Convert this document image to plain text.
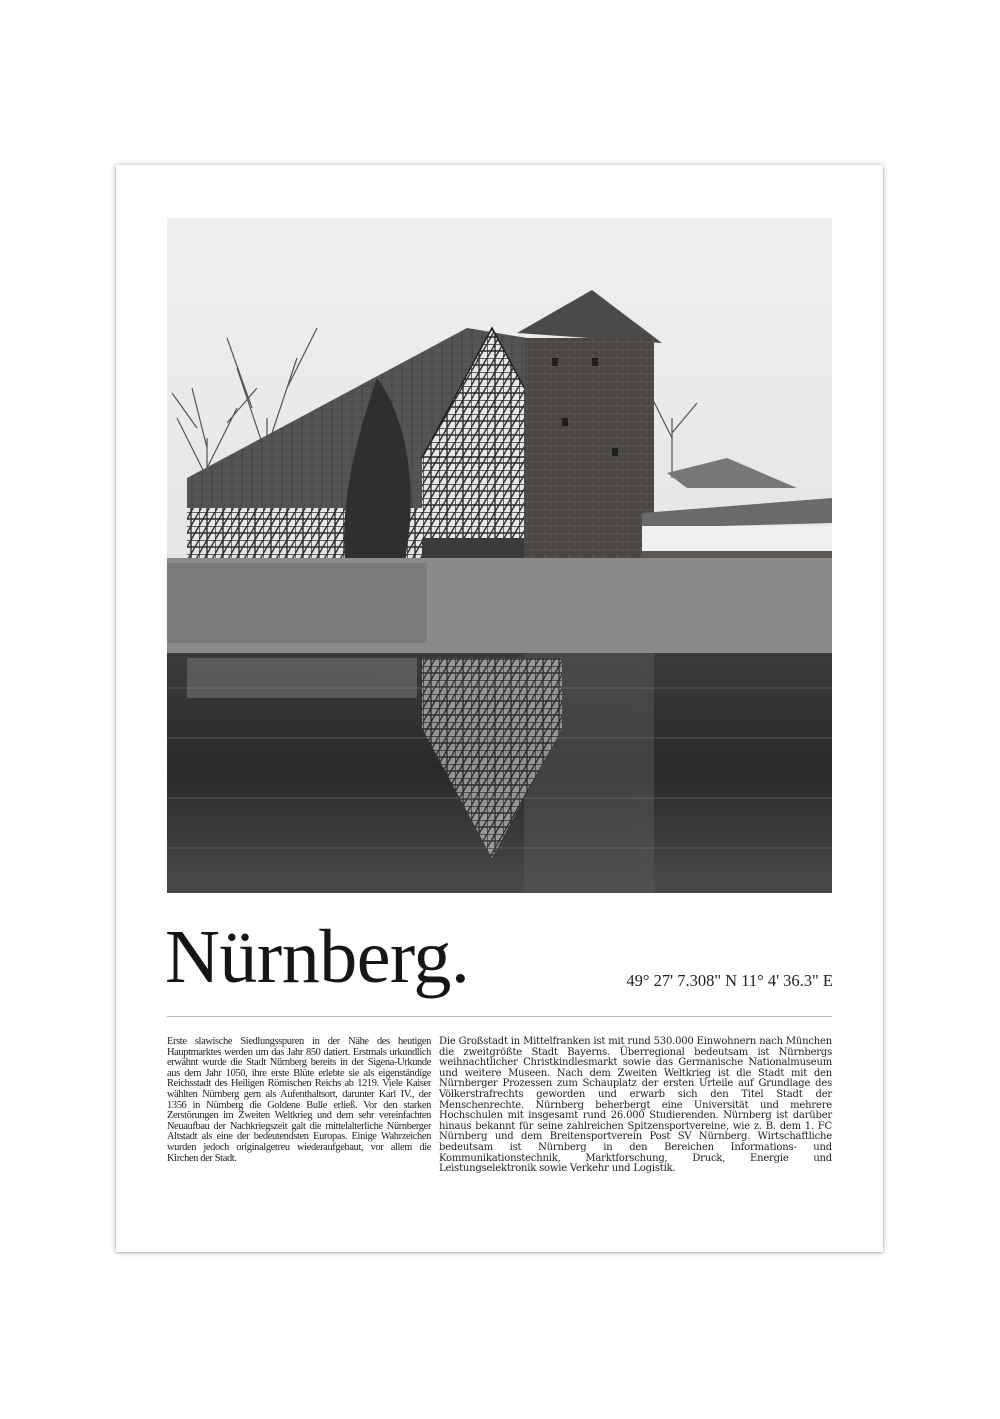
Nürnberg.	49° 27' 7.308" N 11° 4' 36.3" E
Erste slawische Siedlungsspuren in der Nähe des heutigen Hauptmarktes werden um das Jahr 850 datiert. Erstmals urkundlich erwähnt wurde die Stadt Nürnberg bereits in der Sigena-Urkunde aus dem Jahr 1050, ihre erste Blüte erlebte sie als eigenständige Reichsstadt des Heiligen Römischen Reichs ab 1219. Viele Kaiser wählten Nürnberg gern als Aufenthaltsort, darunter Karl IV., der 1356 in Nürnberg die Goldene Bulle erließ. Vor den starken Zerstörungen im Zweiten Weltkrieg und dem sehr vereinfachten Neuaufbau der Nachkriegszeit galt die mittelalterliche Nürnberger Altstadt als eine der bedeutendsten Europas. Einige Wahrzeichen wurden jedoch originalgetreu wiederaufgebaut, vor allem die Kirchen der Stadt.
Die Großstadt in Mittelfranken ist mit rund 530.000 Einwohnern nach München die zweitgrößte Stadt Bayerns. Überregional bedeutsam ist Nürnbergs weihnachtlicher Christkindlesmarkt sowie das Germanische Nationalmuseum und weitere Museen. Nach dem Zweiten Weltkrieg ist die Stadt mit den Nürnberger Prozessen zum Schauplatz der ersten Urteile auf Grundlage des Völkerstrafrechts geworden und erwarb sich den Titel Stadt der Menschenrechte. Nürnberg beherbergt eine Universität und mehrere Hochschulen mit insgesamt rund 26.000 Studierenden. Nürnberg ist darüber hinaus bekannt für seine zahlreichen Spitzensportvereine, wie z. B. dem 1. FC Nürnberg und dem Breitensportverein Post SV Nürnberg. Wirtschaftliche bedeutsam ist Nürnberg in den Bereichen Informations- und Kommunikationstechnik, Marktforschung, Druck, Energie und Leistungselektronik sowie Verkehr und Logistik.
